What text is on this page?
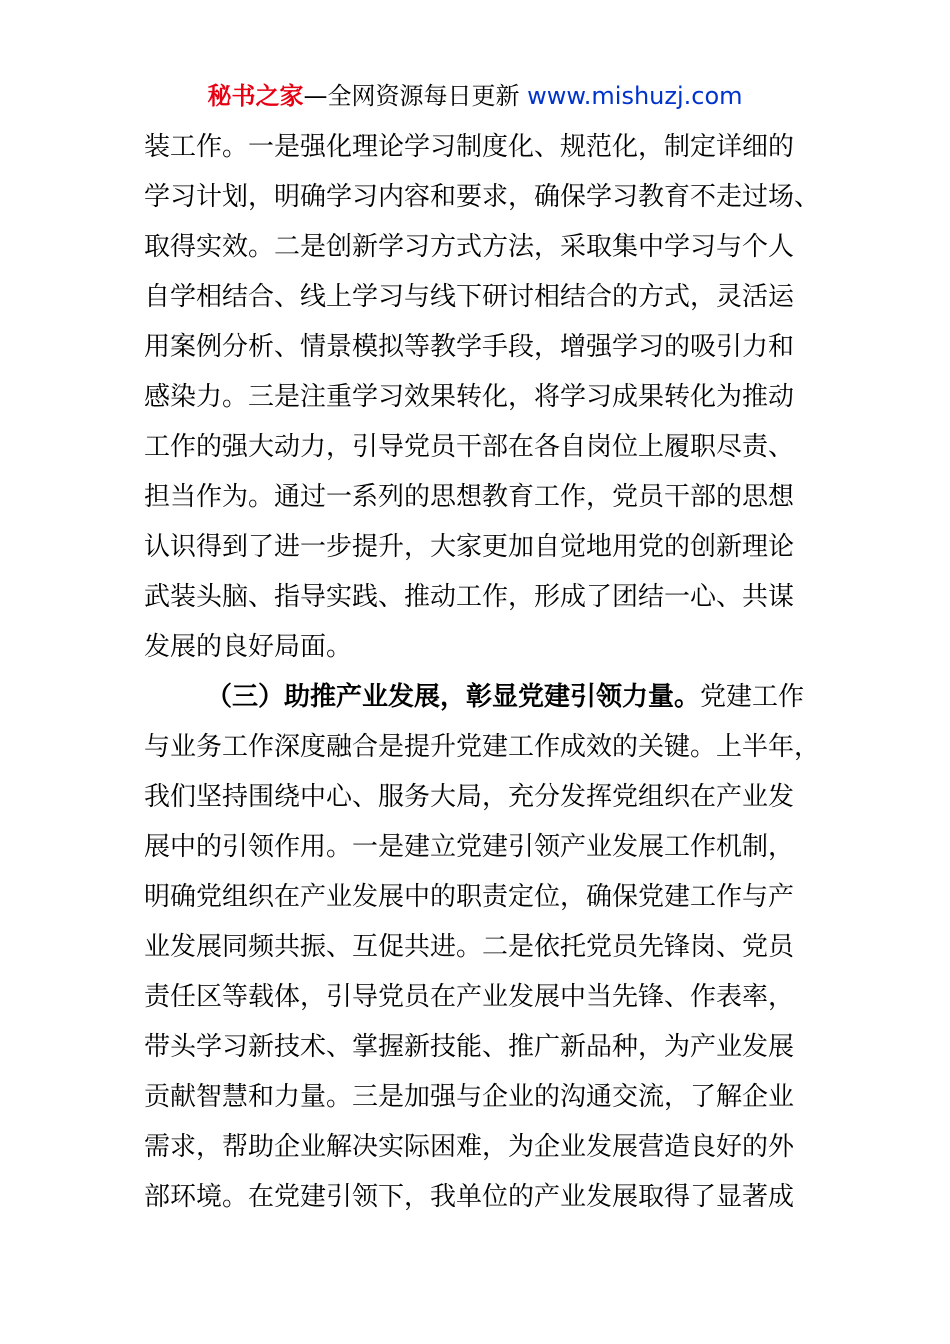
秘书之家—全网资源每日更新 www.mishuzj.com
装工作。一是强化理论学习制度化、规范化，制定详细的
学习计划，明确学习内容和要求，确保学习教育不走过场、
取得实效。二是创新学习方式方法，采取集中学习与个人
自学相结合、线上学习与线下研讨相结合的方式，灵活运
用案例分析、情景模拟等教学手段，增强学习的吸引力和
感染力。三是注重学习效果转化，将学习成果转化为推动
工作的强大动力，引导党员干部在各自岗位上履职尽责、
担当作为。通过一系列的思想教育工作，党员干部的思想
认识得到了进一步提升，大家更加自觉地用党的创新理论
武装头脑、指导实践、推动工作，形成了团结一心、共谋
发展的良好局面。
（三）助推产业发展，彰显党建引领力量。党建工作
与业务工作深度融合是提升党建工作成效的关键。上半年，
我们坚持围绕中心、服务大局，充分发挥党组织在产业发
展中的引领作用。一是建立党建引领产业发展工作机制，
明确党组织在产业发展中的职责定位，确保党建工作与产
业发展同频共振、互促共进。二是依托党员先锋岗、党员
责任区等载体，引导党员在产业发展中当先锋、作表率，
带头学习新技术、掌握新技能、推广新品种，为产业发展
贡献智慧和力量。三是加强与企业的沟通交流，了解企业
需求，帮助企业解决实际困难，为企业发展营造良好的外
部环境。在党建引领下，我单位的产业发展取得了显著成
